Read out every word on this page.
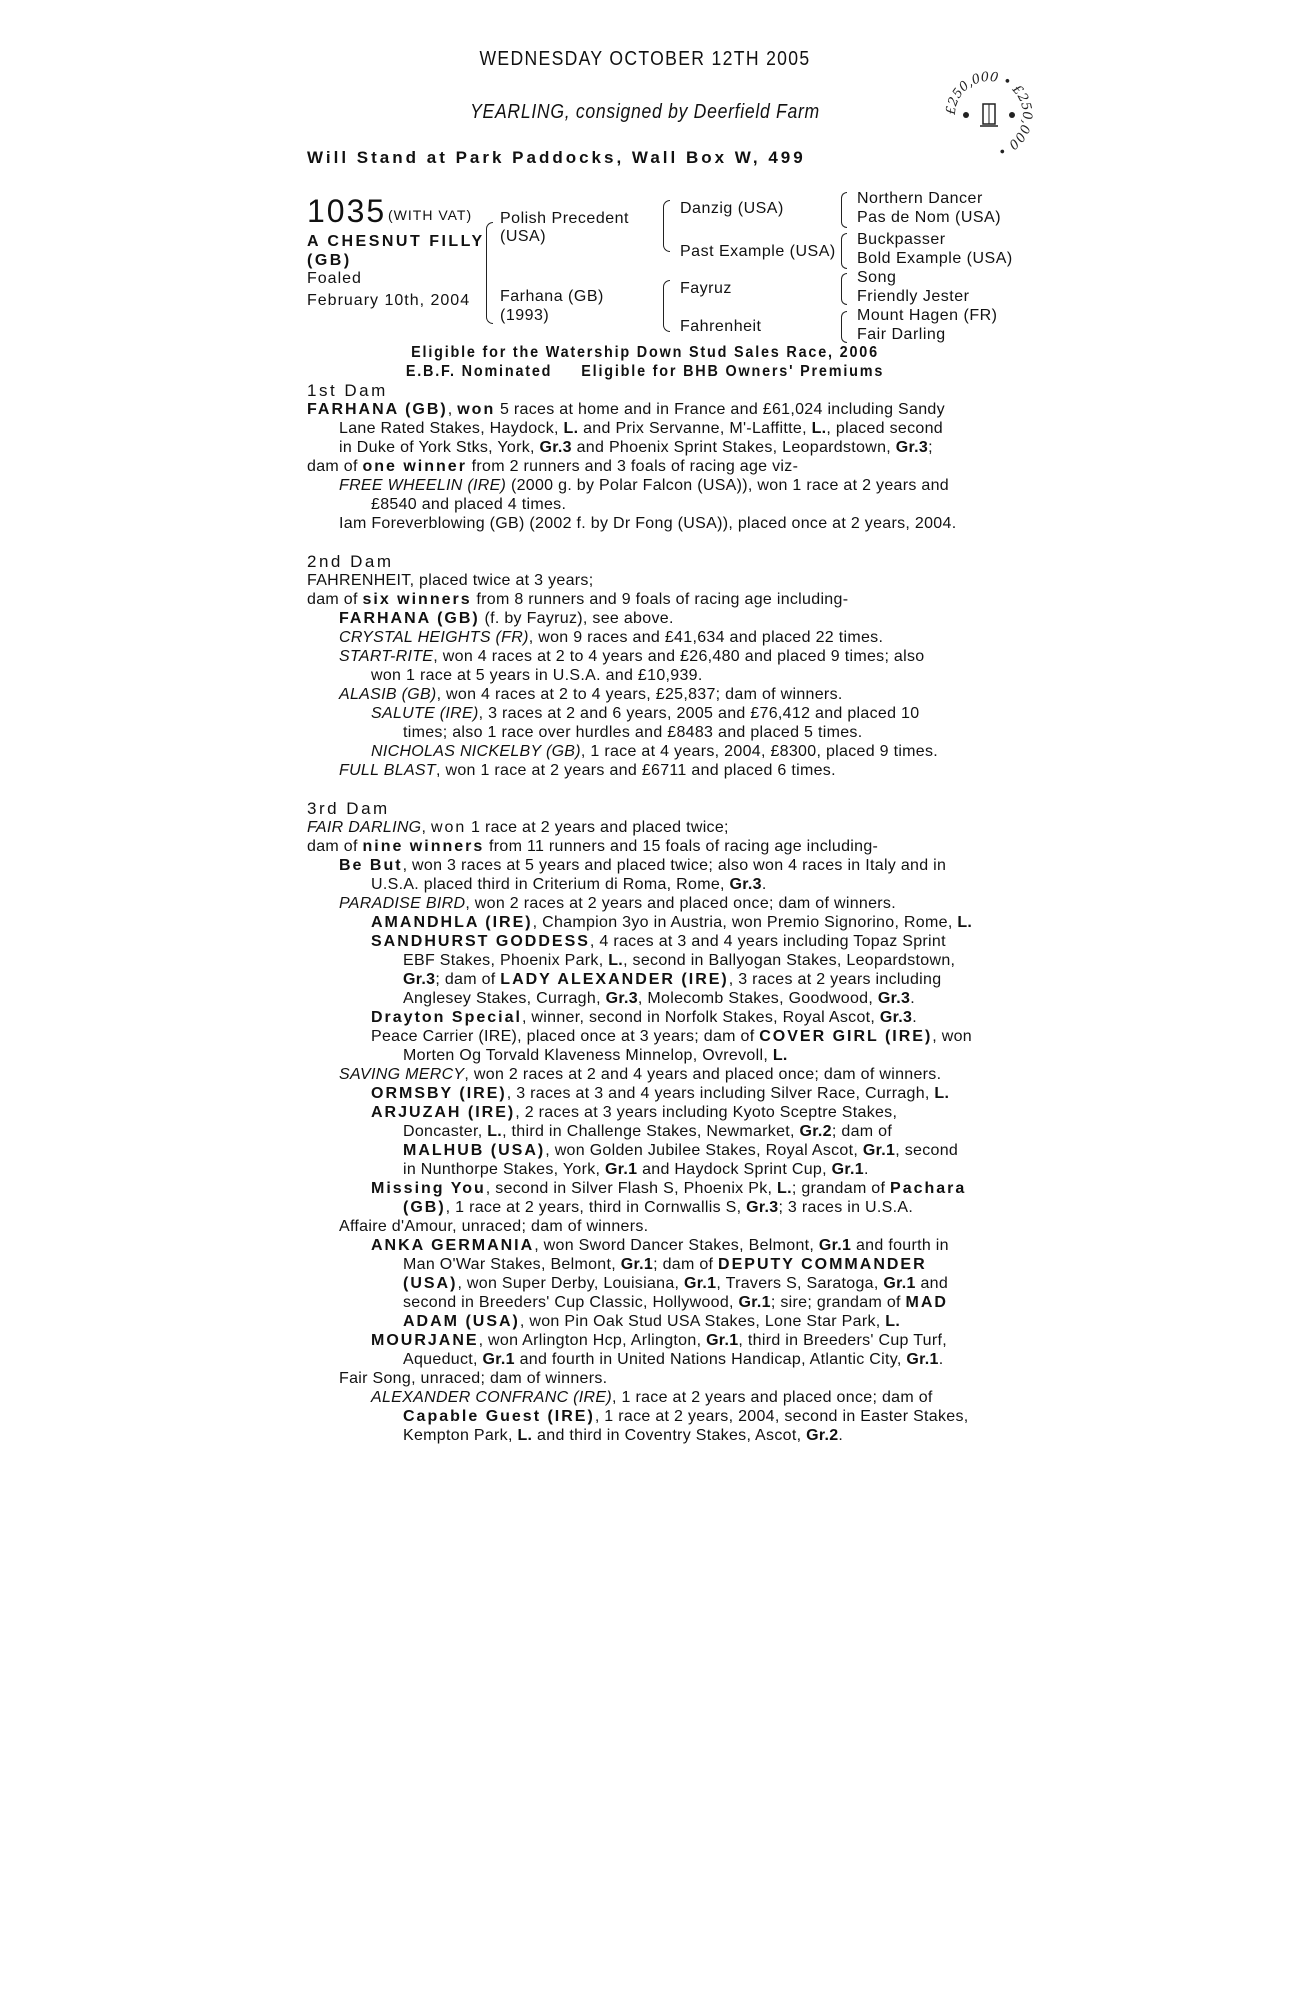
WEDNESDAY OCTOBER 12TH 2005
YEARLING, consigned by Deerfield Farm	£250,000 • £250,000 •
Will Stand at Park Paddocks, Wall Box W, 499
1035 (WITH VAT)
A CHESNUT FILLY
(GB)
Foaled
February 10th, 2004
Polish Precedent
(USA)
Farhana (GB)
(1993)
Danzig (USA)
Past Example (USA)
Fayruz
Fahrenheit
Northern Dancer
Pas de Nom (USA)
Buckpasser
Bold Example (USA)
Song
Friendly Jester
Mount Hagen (FR)
Fair Darling
Eligible for the Watership Down Stud Sales Race, 2006
E.B.F. Nominated     Eligible for BHB Owners' Premiums
1st Dam
FARHANA (GB), won 5 races at home and in France and £61,024 including Sandy
Lane Rated Stakes, Haydock, L. and Prix Servanne, M'-Laffitte, L., placed second
in Duke of York Stks, York, Gr.3 and Phoenix Sprint Stakes, Leopardstown, Gr.3;
dam of one winner from 2 runners and 3 foals of racing age viz-
FREE WHEELIN (IRE) (2000 g. by Polar Falcon (USA)), won 1 race at 2 years and
£8540 and placed 4 times.
Iam Foreverblowing (GB) (2002 f. by Dr Fong (USA)), placed once at 2 years, 2004.
2nd Dam
FAHRENHEIT, placed twice at 3 years;
dam of six winners from 8 runners and 9 foals of racing age including-
FARHANA (GB) (f. by Fayruz), see above.
CRYSTAL HEIGHTS (FR), won 9 races and £41,634 and placed 22 times.
START-RITE, won 4 races at 2 to 4 years and £26,480 and placed 9 times; also
won 1 race at 5 years in U.S.A. and £10,939.
ALASIB (GB), won 4 races at 2 to 4 years, £25,837; dam of winners.
SALUTE (IRE), 3 races at 2 and 6 years, 2005 and £76,412 and placed 10
times; also 1 race over hurdles and £8483 and placed 5 times.
NICHOLAS NICKELBY (GB), 1 race at 4 years, 2004, £8300, placed 9 times.
FULL BLAST, won 1 race at 2 years and £6711 and placed 6 times.
3rd Dam
FAIR DARLING, won 1 race at 2 years and placed twice;
dam of nine winners from 11 runners and 15 foals of racing age including-
Be But, won 3 races at 5 years and placed twice; also won 4 races in Italy and in
U.S.A. placed third in Criterium di Roma, Rome, Gr.3.
PARADISE BIRD, won 2 races at 2 years and placed once; dam of winners.
AMANDHLA (IRE), Champion 3yo in Austria, won Premio Signorino, Rome, L.
SANDHURST GODDESS, 4 races at 3 and 4 years including Topaz Sprint
EBF Stakes, Phoenix Park, L., second in Ballyogan Stakes, Leopardstown,
Gr.3; dam of LADY ALEXANDER (IRE), 3 races at 2 years including
Anglesey Stakes, Curragh, Gr.3, Molecomb Stakes, Goodwood, Gr.3.
Drayton Special, winner, second in Norfolk Stakes, Royal Ascot, Gr.3.
Peace Carrier (IRE), placed once at 3 years; dam of COVER GIRL (IRE), won
Morten Og Torvald Klaveness Minnelop, Ovrevoll, L.
SAVING MERCY, won 2 races at 2 and 4 years and placed once; dam of winners.
ORMSBY (IRE), 3 races at 3 and 4 years including Silver Race, Curragh, L.
ARJUZAH (IRE), 2 races at 3 years including Kyoto Sceptre Stakes,
Doncaster, L., third in Challenge Stakes, Newmarket, Gr.2; dam of
MALHUB (USA), won Golden Jubilee Stakes, Royal Ascot, Gr.1, second
in Nunthorpe Stakes, York, Gr.1 and Haydock Sprint Cup, Gr.1.
Missing You, second in Silver Flash S, Phoenix Pk, L.; grandam of Pachara
(GB), 1 race at 2 years, third in Cornwallis S, Gr.3; 3 races in U.S.A.
Affaire d'Amour, unraced; dam of winners.
ANKA GERMANIA, won Sword Dancer Stakes, Belmont, Gr.1 and fourth in
Man O'War Stakes, Belmont, Gr.1; dam of DEPUTY COMMANDER
(USA), won Super Derby, Louisiana, Gr.1, Travers S, Saratoga, Gr.1 and
second in Breeders' Cup Classic, Hollywood, Gr.1; sire; grandam of MAD
ADAM (USA), won Pin Oak Stud USA Stakes, Lone Star Park, L.
MOURJANE, won Arlington Hcp, Arlington, Gr.1, third in Breeders' Cup Turf,
Aqueduct, Gr.1 and fourth in United Nations Handicap, Atlantic City, Gr.1.
Fair Song, unraced; dam of winners.
ALEXANDER CONFRANC (IRE), 1 race at 2 years and placed once; dam of
Capable Guest (IRE), 1 race at 2 years, 2004, second in Easter Stakes,
Kempton Park, L. and third in Coventry Stakes, Ascot, Gr.2.
